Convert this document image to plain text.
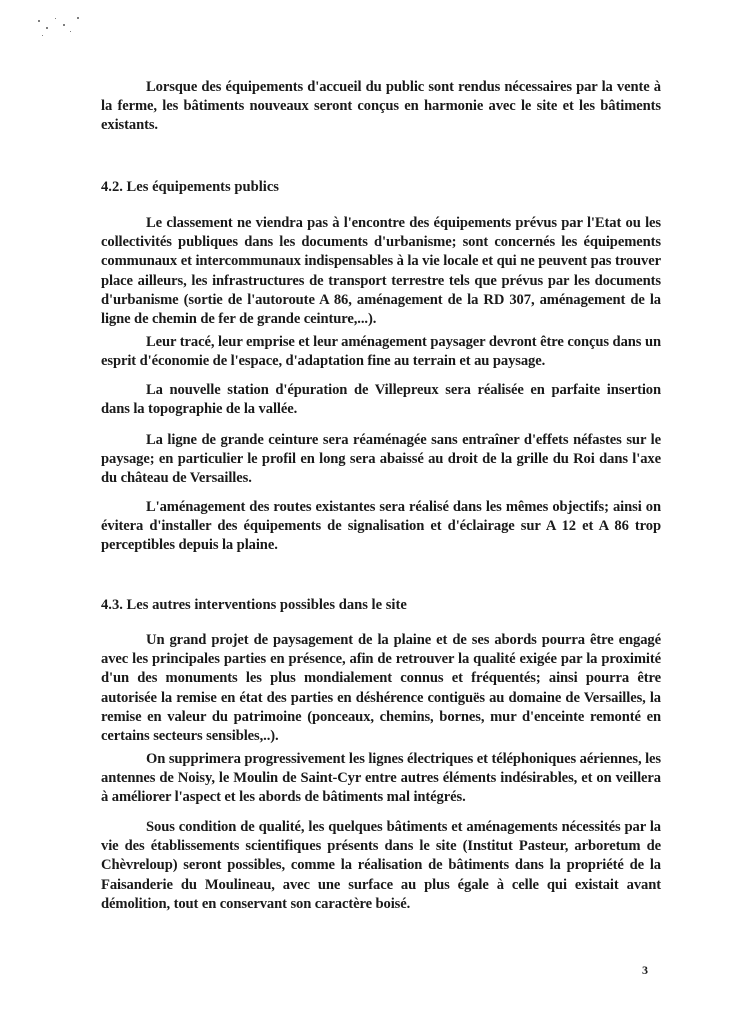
Lorsque des équipements d'accueil du public sont rendus nécessaires par la vente à la ferme, les bâtiments nouveaux seront conçus en harmonie avec le site et les bâtiments existants.

4.2. Les équipements publics

Le classement ne viendra pas à l'encontre des équipements prévus par l'Etat ou les collectivités publiques dans les documents d'urbanisme; sont concernés les équipements communaux et intercommunaux indispensables à la vie locale et qui ne peuvent pas trouver place ailleurs, les infrastructures de transport terrestre tels que prévus par les documents d'urbanisme (sortie de l'autoroute A 86, aménagement de la RD 307, aménagement de la ligne de chemin de fer de grande ceinture,...).

Leur tracé, leur emprise et leur aménagement paysager devront être conçus dans un esprit d'économie de l'espace, d'adaptation fine au terrain et au paysage.

La nouvelle station d'épuration de Villepreux sera réalisée en parfaite insertion dans la topographie de la vallée.

La ligne de grande ceinture sera réaménagée sans entraîner d'effets néfastes sur le paysage; en particulier le profil en long sera abaissé au droit de la grille du Roi dans l'axe du château de Versailles.

L'aménagement des routes existantes sera réalisé dans les mêmes objectifs; ainsi on évitera d'installer des équipements de signalisation et d'éclairage sur A 12 et A 86 trop perceptibles depuis la plaine.

4.3. Les autres interventions possibles dans le site

Un grand projet de paysagement de la plaine et de ses abords pourra être engagé avec les principales parties en présence, afin de retrouver la qualité exigée par la proximité d'un des monuments les plus mondialement connus et fréquentés; ainsi pourra être autorisée la remise en état des parties en déshérence contiguës au domaine de Versailles, la remise en valeur du patrimoine (ponceaux, chemins, bornes, mur d'enceinte remonté en certains secteurs sensibles,..).

On supprimera progressivement les lignes électriques et téléphoniques aériennes, les antennes de Noisy, le Moulin de Saint-Cyr entre autres éléments indésirables, et on veillera à améliorer l'aspect et les abords de bâtiments mal intégrés.

Sous condition de qualité, les quelques bâtiments et aménagements nécessités par la vie des établissements scientifiques présents dans le site (Institut Pasteur, arboretum de Chèvreloup) seront possibles, comme la réalisation de bâtiments dans la propriété de la Faisanderie du Moulineau, avec une surface au plus égale à celle qui existait avant démolition, tout en conservant son caractère boisé.

3
